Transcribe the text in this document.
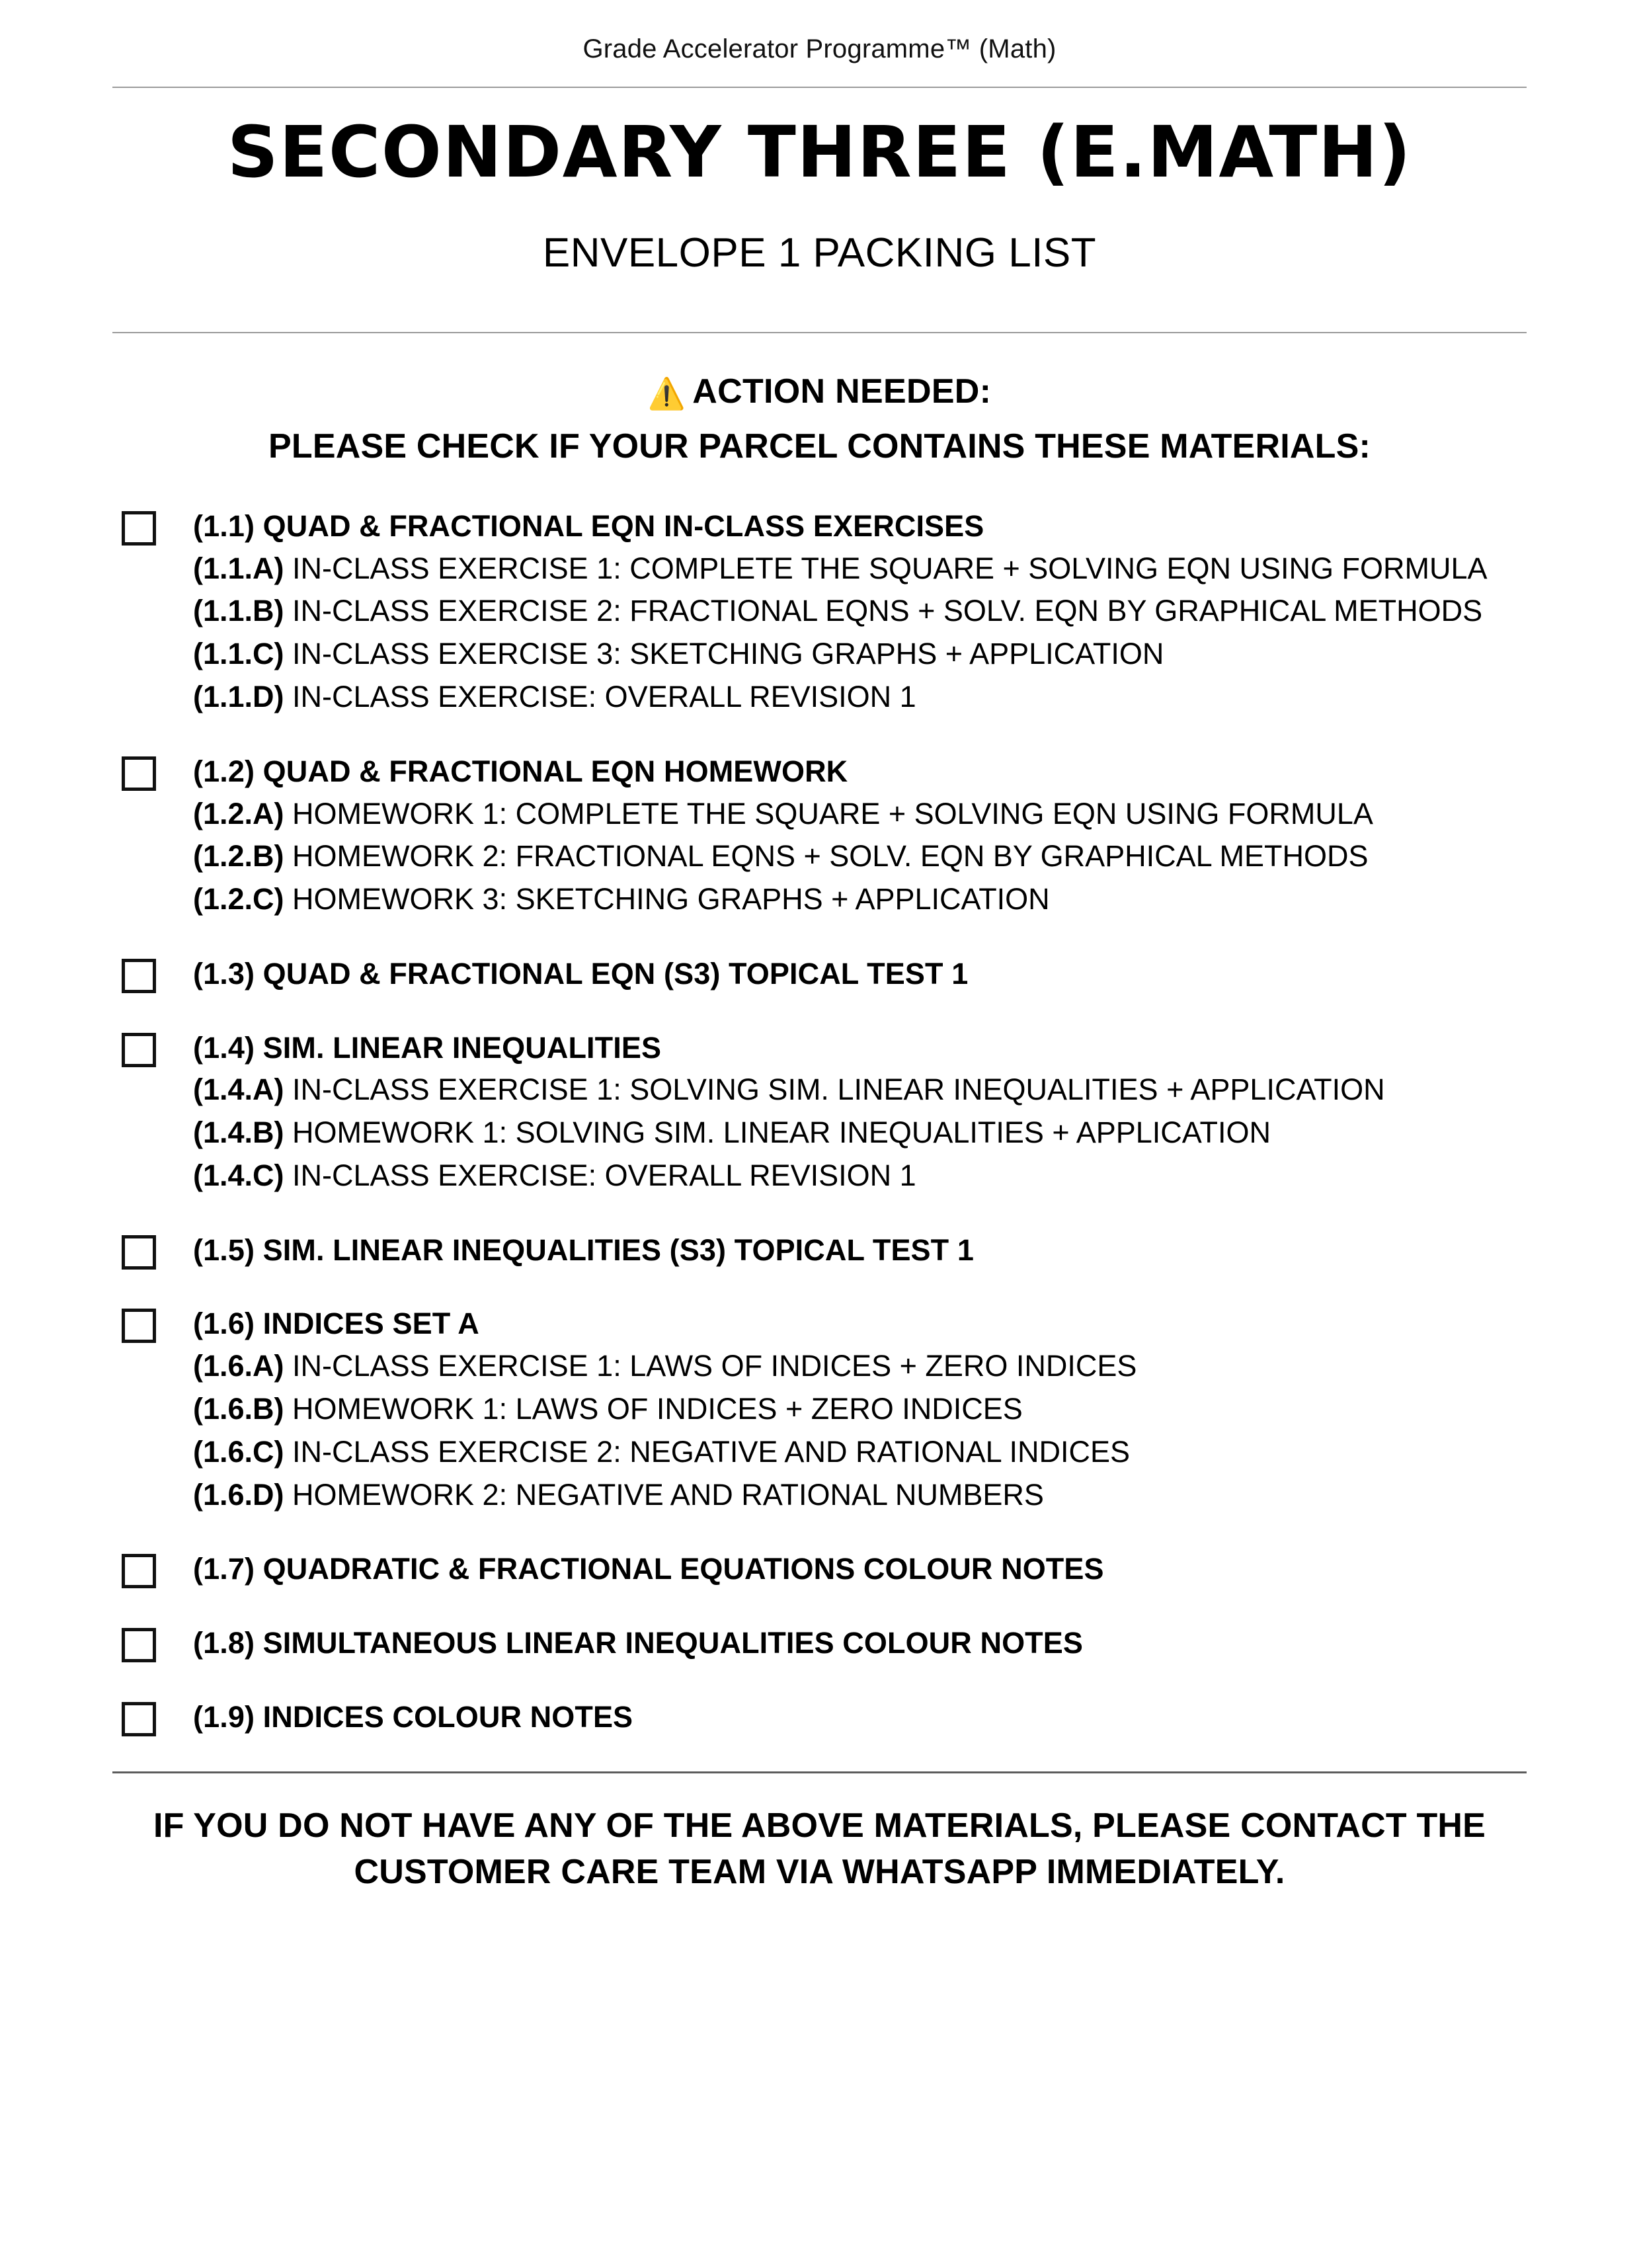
Grade Accelerator Programme™ (Math)
SECONDARY THREE (E.MATH)
ENVELOPE 1 PACKING LIST
⚠️ ACTION NEEDED:
PLEASE CHECK IF YOUR PARCEL CONTAINS THESE MATERIALS:
(1.1) QUAD & FRACTIONAL EQN IN-CLASS EXERCISES
(1.1.A) IN-CLASS EXERCISE 1: COMPLETE THE SQUARE + SOLVING EQN USING FORMULA
(1.1.B) IN-CLASS EXERCISE 2: FRACTIONAL EQNS + SOLV. EQN BY GRAPHICAL METHODS
(1.1.C) IN-CLASS EXERCISE 3: SKETCHING GRAPHS + APPLICATION
(1.1.D) IN-CLASS EXERCISE: OVERALL REVISION 1
(1.2) QUAD & FRACTIONAL EQN HOMEWORK
(1.2.A) HOMEWORK 1: COMPLETE THE SQUARE + SOLVING EQN USING FORMULA
(1.2.B) HOMEWORK 2: FRACTIONAL EQNS + SOLV. EQN BY GRAPHICAL METHODS
(1.2.C) HOMEWORK 3: SKETCHING GRAPHS + APPLICATION
(1.3) QUAD & FRACTIONAL EQN (S3) TOPICAL TEST 1
(1.4) SIM. LINEAR INEQUALITIES
(1.4.A) IN-CLASS EXERCISE 1: SOLVING SIM. LINEAR INEQUALITIES + APPLICATION
(1.4.B) HOMEWORK 1: SOLVING SIM. LINEAR INEQUALITIES + APPLICATION
(1.4.C) IN-CLASS EXERCISE: OVERALL REVISION 1
(1.5) SIM. LINEAR INEQUALITIES (S3) TOPICAL TEST 1
(1.6) INDICES SET A
(1.6.A) IN-CLASS EXERCISE 1: LAWS OF INDICES + ZERO INDICES
(1.6.B) HOMEWORK 1: LAWS OF INDICES + ZERO INDICES
(1.6.C) IN-CLASS EXERCISE 2: NEGATIVE AND RATIONAL INDICES
(1.6.D) HOMEWORK 2: NEGATIVE AND RATIONAL NUMBERS
(1.7) QUADRATIC & FRACTIONAL EQUATIONS COLOUR NOTES
(1.8) SIMULTANEOUS LINEAR INEQUALITIES COLOUR NOTES
(1.9) INDICES COLOUR NOTES
IF YOU DO NOT HAVE ANY OF THE ABOVE MATERIALS, PLEASE CONTACT THE
CUSTOMER CARE TEAM VIA WHATSAPP IMMEDIATELY.
